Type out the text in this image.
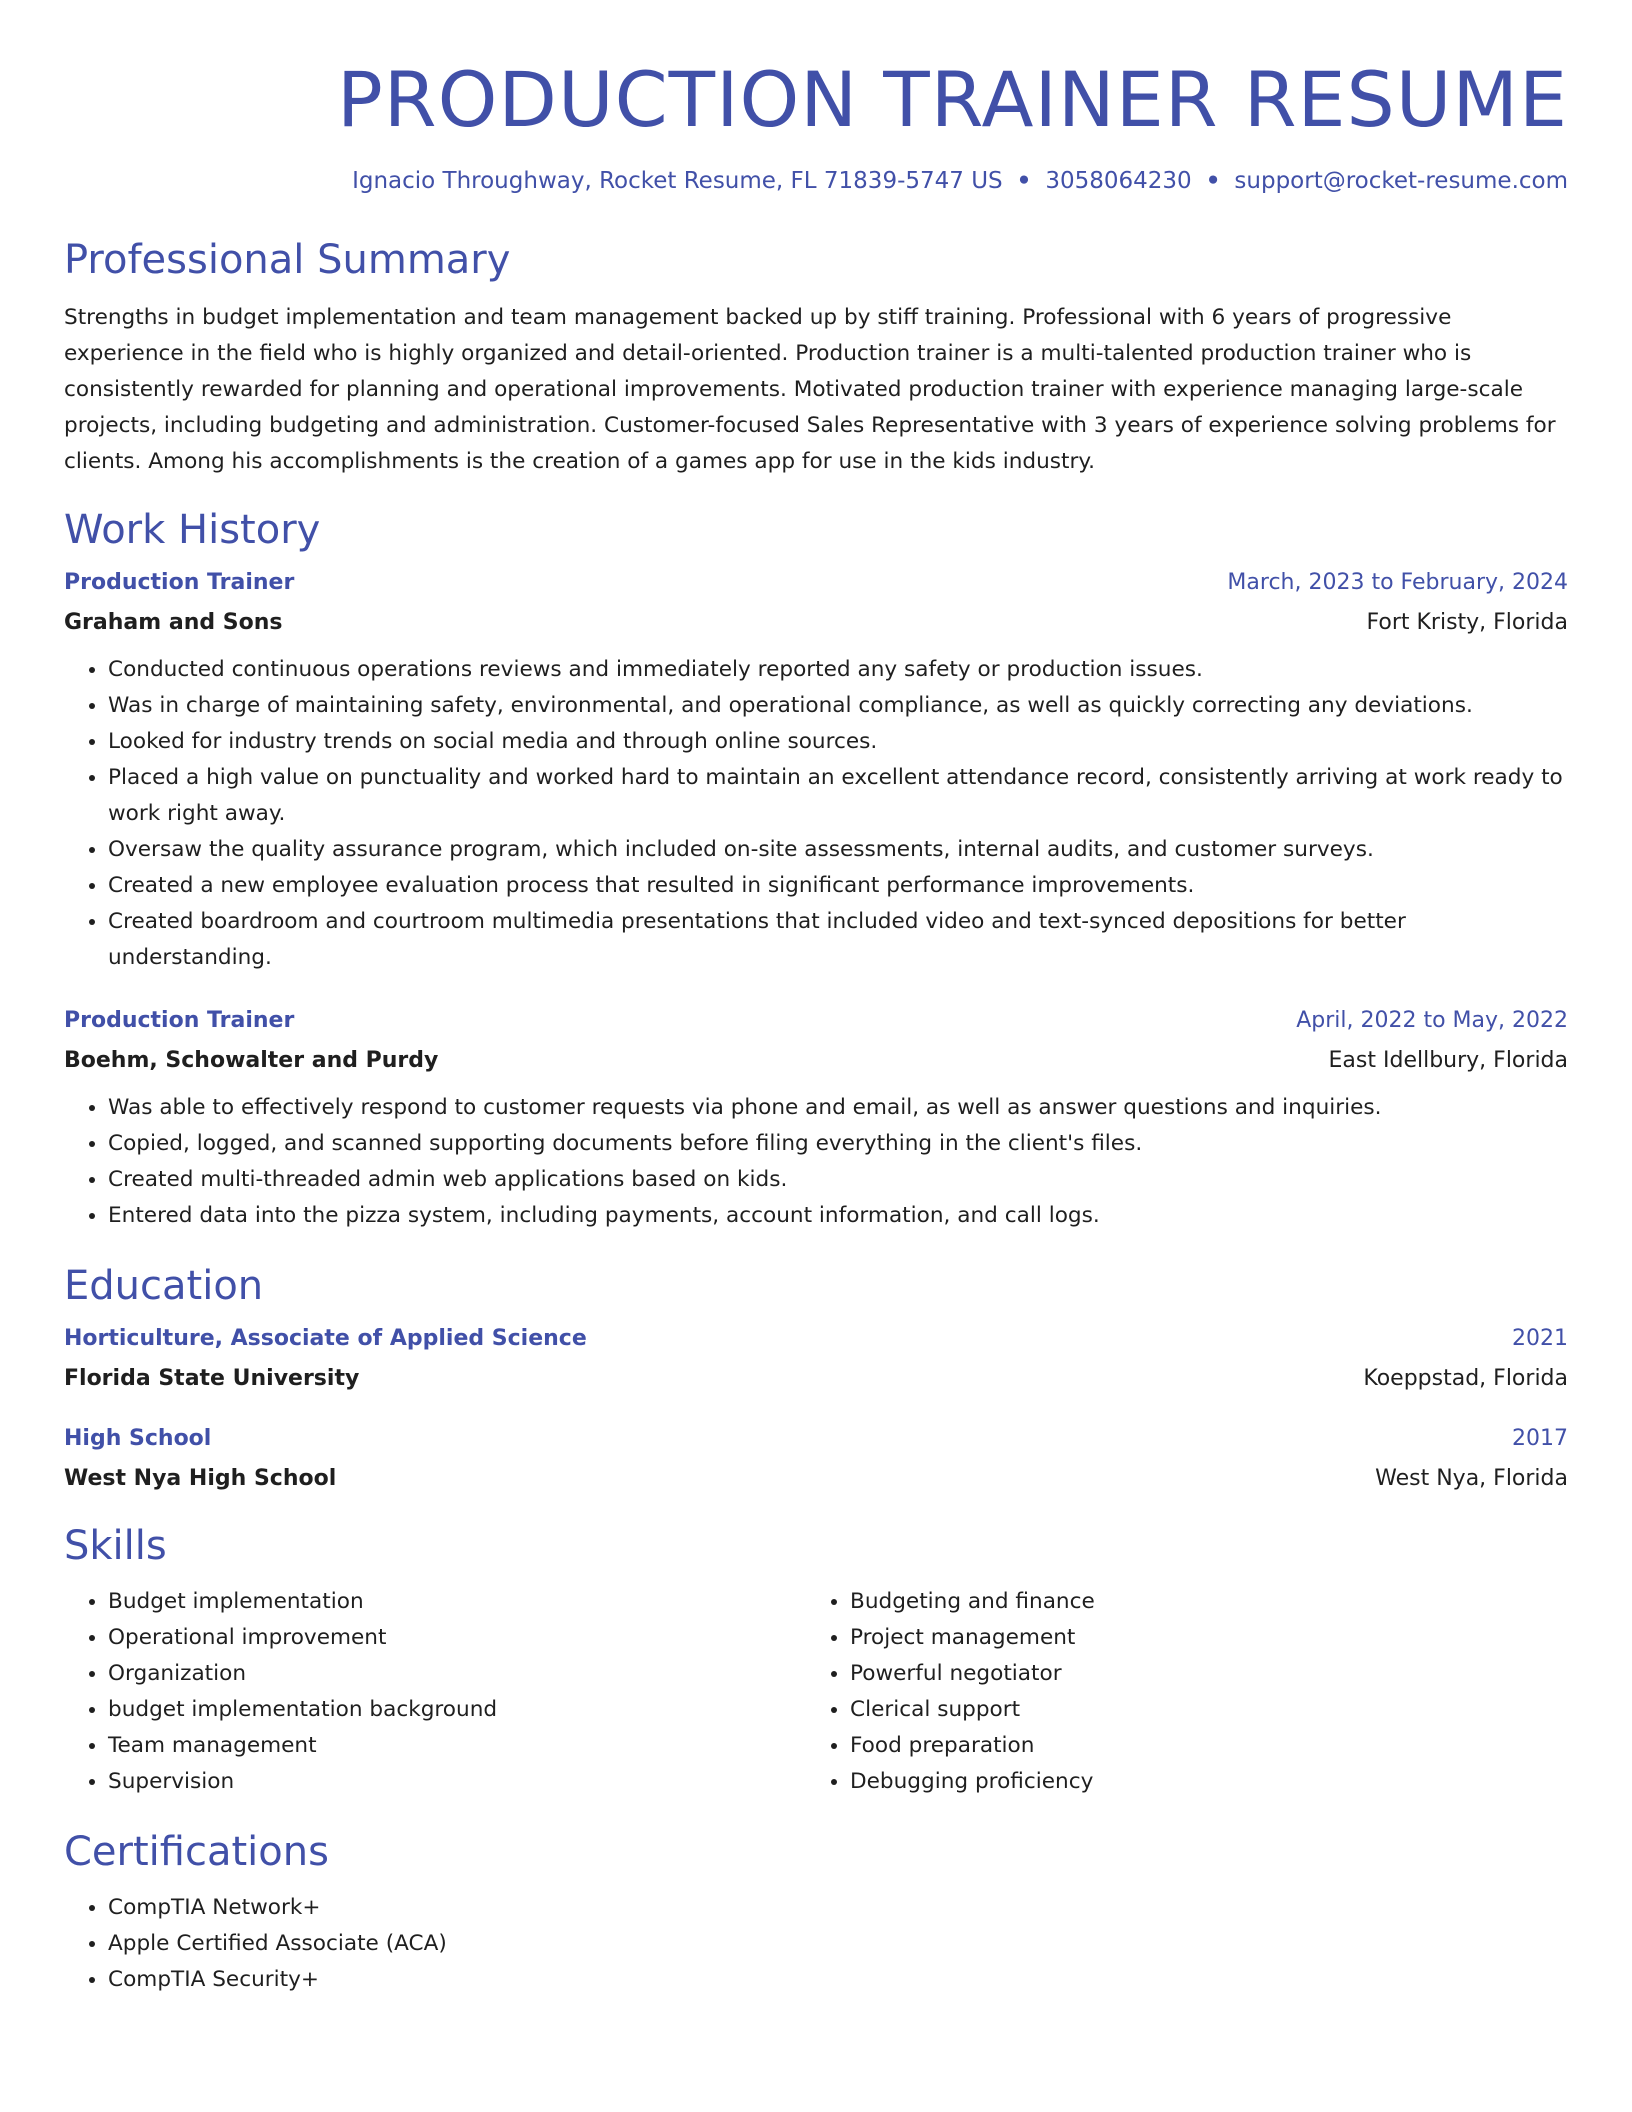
PRODUCTION TRAINER RESUME
Ignacio Throughway, Rocket Resume, FL 71839-5747 US • 3058064230 • support@rocket-resume.com
Professional Summary
Strengths in budget implementation and team management backed up by stiff training. Professional with 6 years of progressive experience in the field who is highly organized and detail-oriented. Production trainer is a multi-talented production trainer who is consistently rewarded for planning and operational improvements. Motivated production trainer with experience managing large-scale projects, including budgeting and administration. Customer-focused Sales Representative with 3 years of experience solving problems for clients. Among his accomplishments is the creation of a games app for use in the kids industry.
Work History
Production Trainer	March, 2023 to February, 2024
Graham and Sons	Fort Kristy, Florida
• Conducted continuous operations reviews and immediately reported any safety or production issues.
• Was in charge of maintaining safety, environmental, and operational compliance, as well as quickly correcting any deviations.
• Looked for industry trends on social media and through online sources.
• Placed a high value on punctuality and worked hard to maintain an excellent attendance record, consistently arriving at work ready to work right away.
• Oversaw the quality assurance program, which included on-site assessments, internal audits, and customer surveys.
• Created a new employee evaluation process that resulted in significant performance improvements.
• Created boardroom and courtroom multimedia presentations that included video and text-synced depositions for better understanding.
Production Trainer	April, 2022 to May, 2022
Boehm, Schowalter and Purdy	East Idellbury, Florida
• Was able to effectively respond to customer requests via phone and email, as well as answer questions and inquiries.
• Copied, logged, and scanned supporting documents before filing everything in the client's files.
• Created multi-threaded admin web applications based on kids.
• Entered data into the pizza system, including payments, account information, and call logs.
Education
Horticulture, Associate of Applied Science	2021
Florida State University	Koeppstad, Florida
High School	2017
West Nya High School	West Nya, Florida
Skills
• Budget implementation
• Operational improvement
• Organization
• budget implementation background
• Team management
• Supervision
• Budgeting and finance
• Project management
• Powerful negotiator
• Clerical support
• Food preparation
• Debugging proficiency
Certifications
• CompTIA Network+
• Apple Certified Associate (ACA)
• CompTIA Security+
